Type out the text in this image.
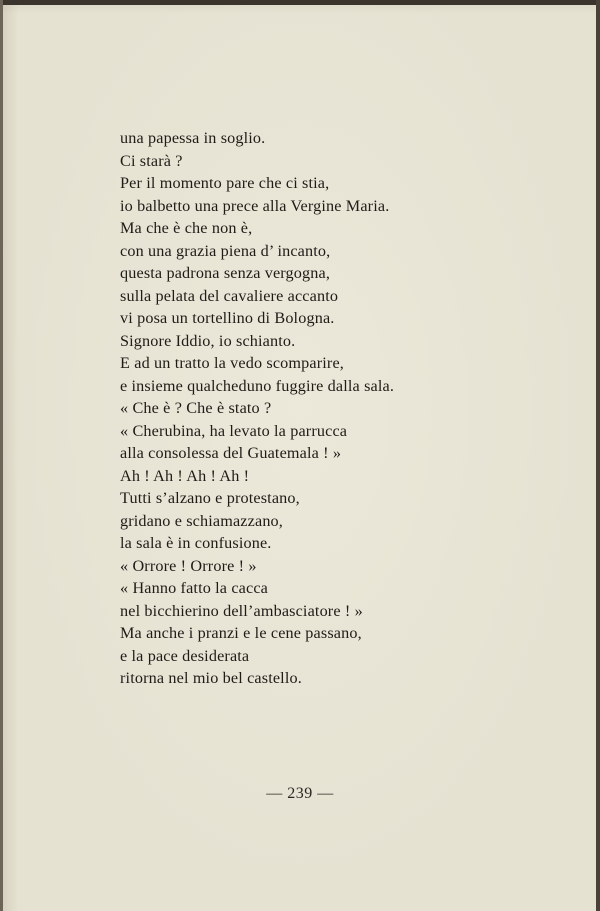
una papessa in soglio.
Ci starà ?
Per il momento pare che ci stia,
io balbetto una prece alla Vergine Maria.
Ma che è che non è,
con una grazia piena d’ incanto,
questa padrona senza vergogna,
sulla pelata del cavaliere accanto
vi posa un tortellino di Bologna.
Signore Iddio, io schianto.
E ad un tratto la vedo scomparire,
e insieme qualcheduno fuggire dalla sala.
« Che è ? Che è stato ?
« Cherubina, ha levato la parrucca
alla consolessa del Guatemala ! »
Ah ! Ah ! Ah ! Ah !
Tutti s’alzano e protestano,
gridano e schiamazzano,
la sala è in confusione.
« Orrore ! Orrore ! »
« Hanno fatto la cacca
nel bicchierino dell’ambasciatore ! »
Ma anche i pranzi e le cene passano,
e la pace desiderata
ritorna nel mio bel castello.
— 239 —
